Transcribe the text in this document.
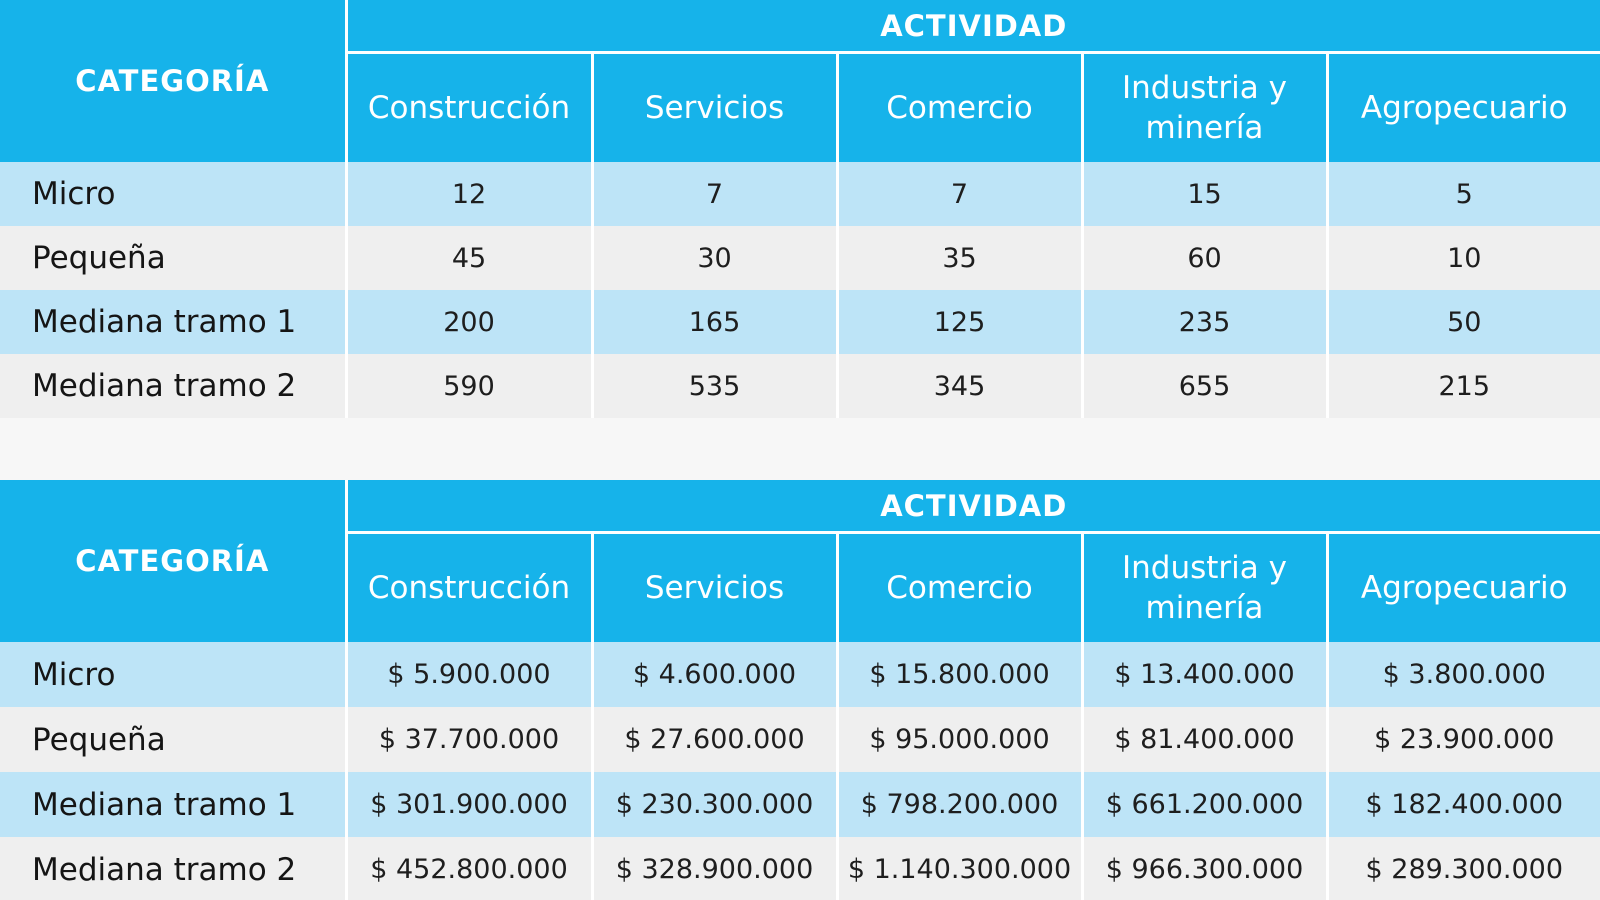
CATEGORÍA	ACTIVIDAD				
	Construcción	Servicios	Comercio	Industria y minería	Agropecuario
Micro	12	7	7	15	5
Pequeña	45	30	35	60	10
Mediana tramo 1	200	165	125	235	50
Mediana tramo 2	590	535	345	655	215
CATEGORÍA	ACTIVIDAD				
	Construcción	Servicios	Comercio	Industria y minería	Agropecuario
Micro	$ 5.900.000	$ 4.600.000	$ 15.800.000	$ 13.400.000	$ 3.800.000
Pequeña	$ 37.700.000	$ 27.600.000	$ 95.000.000	$ 81.400.000	$ 23.900.000
Mediana tramo 1	$ 301.900.000	$ 230.300.000	$ 798.200.000	$ 661.200.000	$ 182.400.000
Mediana tramo 2	$ 452.800.000	$ 328.900.000	$ 1.140.300.000	$ 966.300.000	$ 289.300.000
